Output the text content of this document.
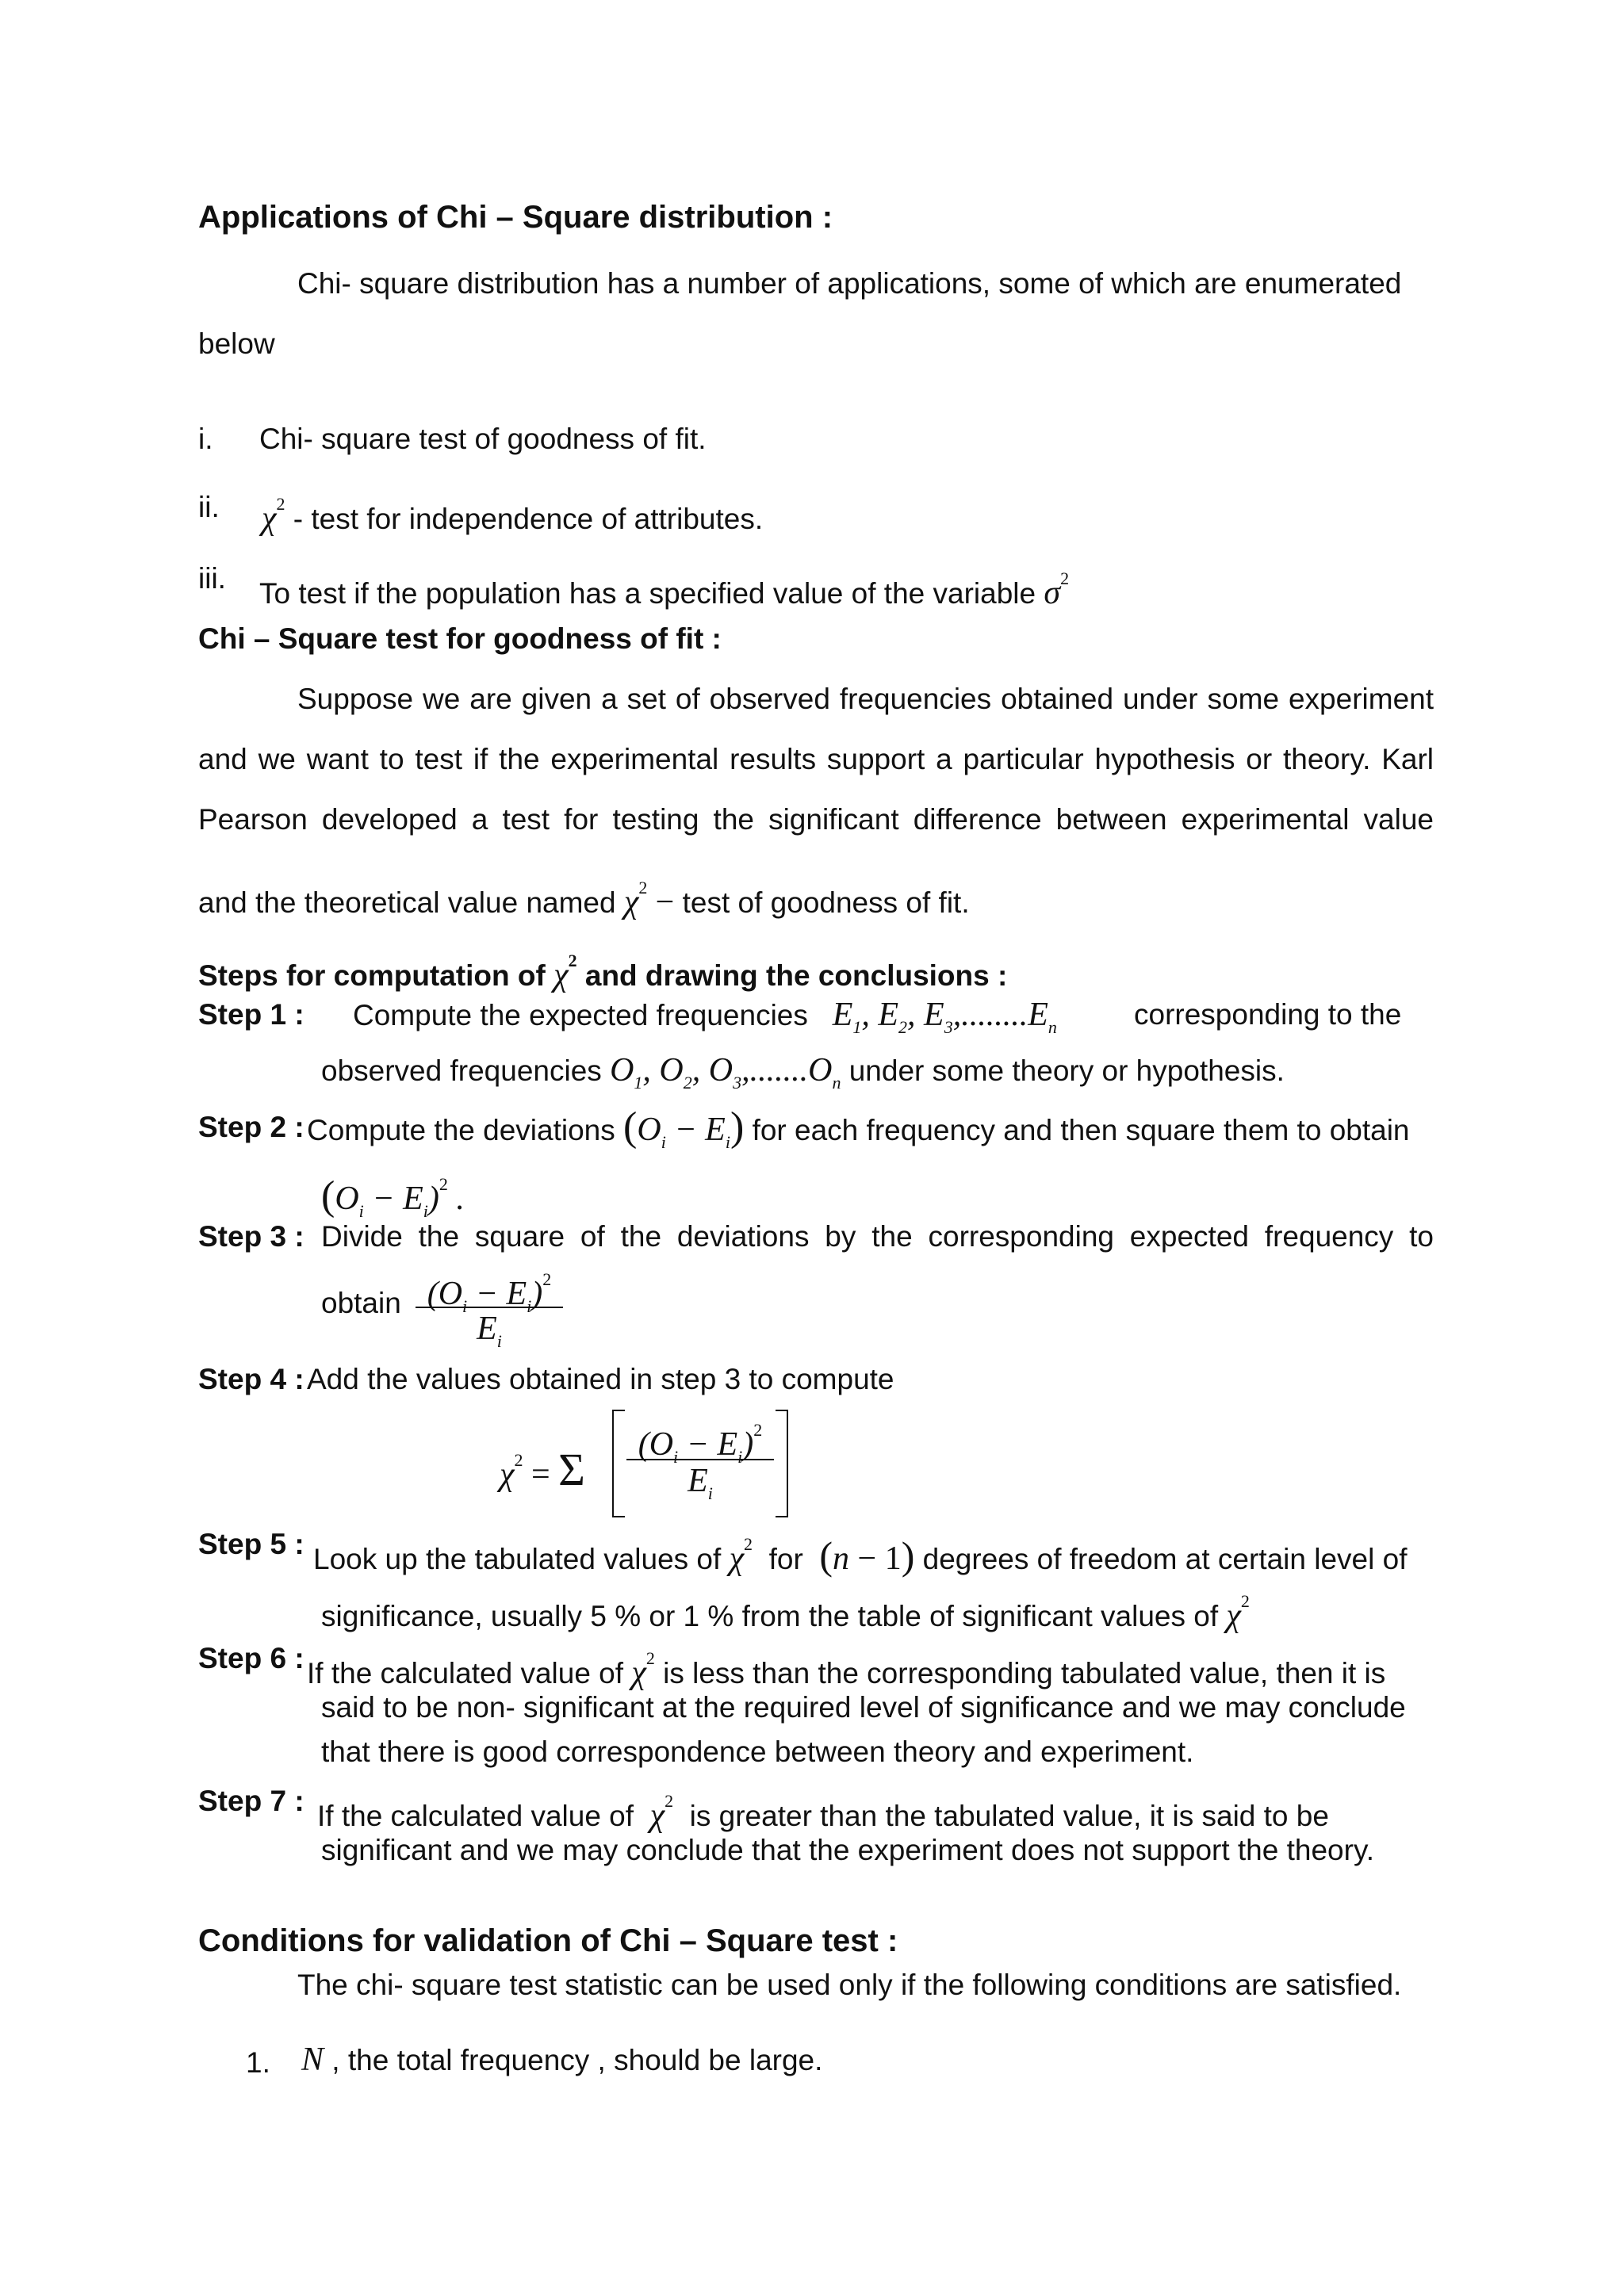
Applications of Chi – Square distribution :
Chi- square distribution has a number of applications, some of which are enumerated
below
i. Chi- square test of goodness of fit.
ii. $\chi^2$ - test for independence of attributes.
iii. To test if the population has a specified value of the variable $\sigma^2$
Chi – Square test for goodness of fit :
Suppose we are given a set of observed frequencies obtained under some experiment
and we want to test if the experimental results support a particular hypothesis or theory. Karl
Pearson developed a test for testing the significant difference between experimental value
and the theoretical value named $\chi^2$ − test of goodness of fit.
Steps for computation of $\chi^2$ and drawing the conclusions :
Step 1 : Compute the expected frequencies $E_1$, $E_2$, $E_3,........E_n$	corresponding to the
observed frequencies $O_1$, $O_2$, $O_3,.......O_n$ under some theory or hypothesis.
Step 2 : Compute the deviations $(O_i - E_i)$ for each frequency and then square them to obtain
$(O_i - E_i)^2$ .
Step 3 : Divide the square of the deviations by the corresponding expected frequency to
obtain $(O_i - E_i)^2$
$E_i$
Step 4 : Add the values obtained in step 3 to compute
$\chi^2 = \Sigma$	$(O_i - E_i)^2$
$E_i$
Step 5 : Look up the tabulated values of $\chi^2$ for (n − 1) degrees of freedom at certain level of
significance, usually 5 % or 1 % from the table of significant values of $\chi^2$
Step 6 : If the calculated value of $\chi^2$ is less than the corresponding tabulated value, then it is
said to be non- significant at the required level of significance and we may conclude
that there is good correspondence between theory and experiment.
Step 7 : If the calculated value of $\chi^2$ is greater than the tabulated value, it is said to be
significant and we may conclude that the experiment does not support the theory.
Conditions for validation of Chi – Square test :
The chi- square test statistic can be used only if the following conditions are satisfied.
1. N , the total frequency , should be large.
